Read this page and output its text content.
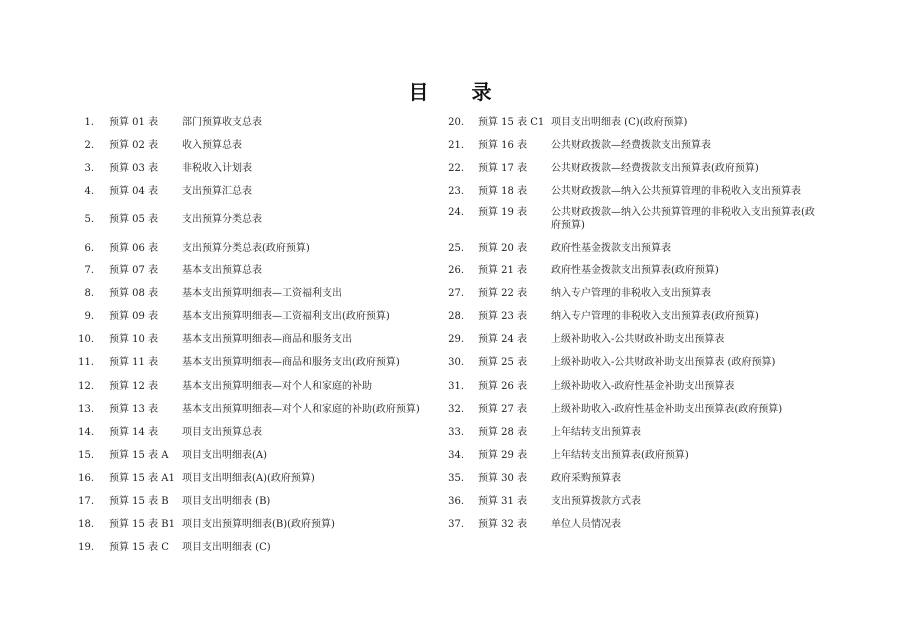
目 录
1. 预算 01 表 部门预算收支总表
2. 预算 02 表 收入预算总表
3. 预算 03 表 非税收入计划表
4. 预算 04 表 支出预算汇总表
5. 预算 05 表 支出预算分类总表
6. 预算 06 表 支出预算分类总表(政府预算)
7. 预算 07 表 基本支出预算总表
8. 预算 08 表 基本支出预算明细表—工资福利支出
9. 预算 09 表 基本支出预算明细表—工资福利支出(政府预算)
10. 预算 10 表 基本支出预算明细表—商品和服务支出
11. 预算 11 表 基本支出预算明细表—商品和服务支出(政府预算)
12. 预算 12 表 基本支出预算明细表—对个人和家庭的补助
13. 预算 13 表 基本支出预算明细表—对个人和家庭的补助(政府预算)
14. 预算 14 表 项目支出预算总表
15. 预算 15 表 A 项目支出明细表(A)
16. 预算 15 表 A1 项目支出明细表(A)(政府预算)
17. 预算 15 表 B 项目支出明细表 (B)
18. 预算 15 表 B1 项目支出预算明细表(B)(政府预算)
19. 预算 15 表 C 项目支出明细表 (C)
20. 预算 15 表 C1 项目支出明细表 (C)(政府预算)
21. 预算 16 表 公共财政拨款—经费拨款支出预算表
22. 预算 17 表 公共财政拨款—经费拨款支出预算表(政府预算)
23. 预算 18 表 公共财政拨款—纳入公共预算管理的非税收入支出预算表
24. 预算 19 表 公共财政拨款—纳入公共预算管理的非税收入支出预算表(政府预算)
25. 预算 20 表 政府性基金拨款支出预算表
26. 预算 21 表 政府性基金拨款支出预算表(政府预算)
27. 预算 22 表 纳入专户管理的非税收入支出预算表
28. 预算 23 表 纳入专户管理的非税收入支出预算表(政府预算)
29. 预算 24 表 上级补助收入-公共财政补助支出预算表
30. 预算 25 表 上级补助收入-公共财政补助支出预算表 (政府预算)
31. 预算 26 表 上级补助收入-政府性基金补助支出预算表
32. 预算 27 表 上级补助收入-政府性基金补助支出预算表(政府预算)
33. 预算 28 表 上年结转支出预算表
34. 预算 29 表 上年结转支出预算表(政府预算)
35. 预算 30 表 政府采购预算表
36. 预算 31 表 支出预算拨款方式表
37. 预算 32 表 单位人员情况表
